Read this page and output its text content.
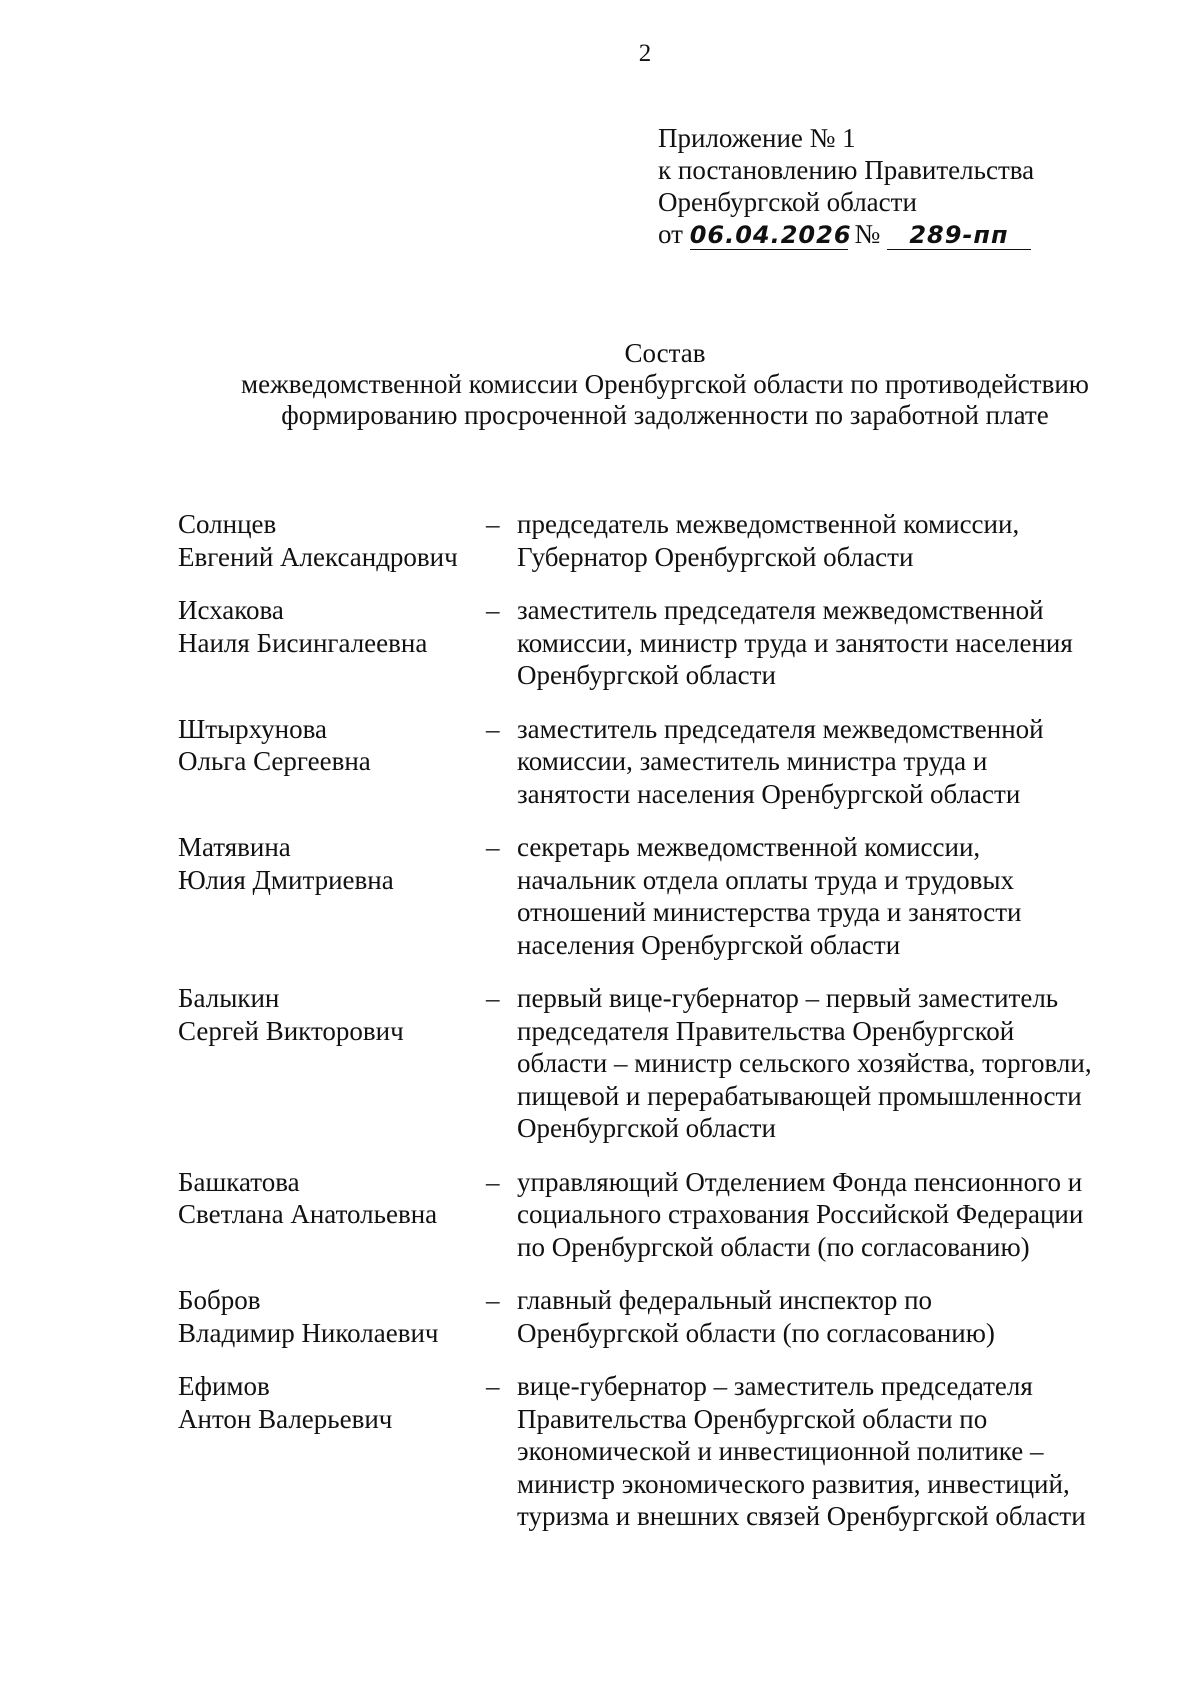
2
Приложение № 1
к постановлению Правительства
Оренбургской области
от 06.04.2026 № 289-пп
Состав
межведомственной комиссии Оренбургской области по противодействию
формированию просроченной задолженности по заработной плате
Солнцев
Евгений Александрович
– председатель межведомственной комиссии,
Губернатор Оренбургской области
Исхакова
Наиля Бисингалеевна
– заместитель председателя межведомственной
комиссии, министр труда и занятости населения
Оренбургской области
Штырхунова
Ольга Сергеевна
– заместитель председателя межведомственной
комиссии, заместитель министра труда и
занятости населения Оренбургской области
Матявина
Юлия Дмитриевна
– секретарь межведомственной комиссии,
начальник отдела оплаты труда и трудовых
отношений министерства труда и занятости
населения Оренбургской области
Балыкин
Сергей Викторович
– первый вице-губернатор – первый заместитель
председателя Правительства Оренбургской
области – министр сельского хозяйства, торговли,
пищевой и перерабатывающей промышленности
Оренбургской области
Башкатова
Светлана Анатольевна
– управляющий Отделением Фонда пенсионного и
социального страхования Российской Федерации
по Оренбургской области (по согласованию)
Бобров
Владимир Николаевич
– главный федеральный инспектор по
Оренбургской области (по согласованию)
Ефимов
Антон Валерьевич
– вице-губернатор – заместитель председателя
Правительства Оренбургской области по
экономической и инвестиционной политике –
министр экономического развития, инвестиций,
туризма и внешних связей Оренбургской области
